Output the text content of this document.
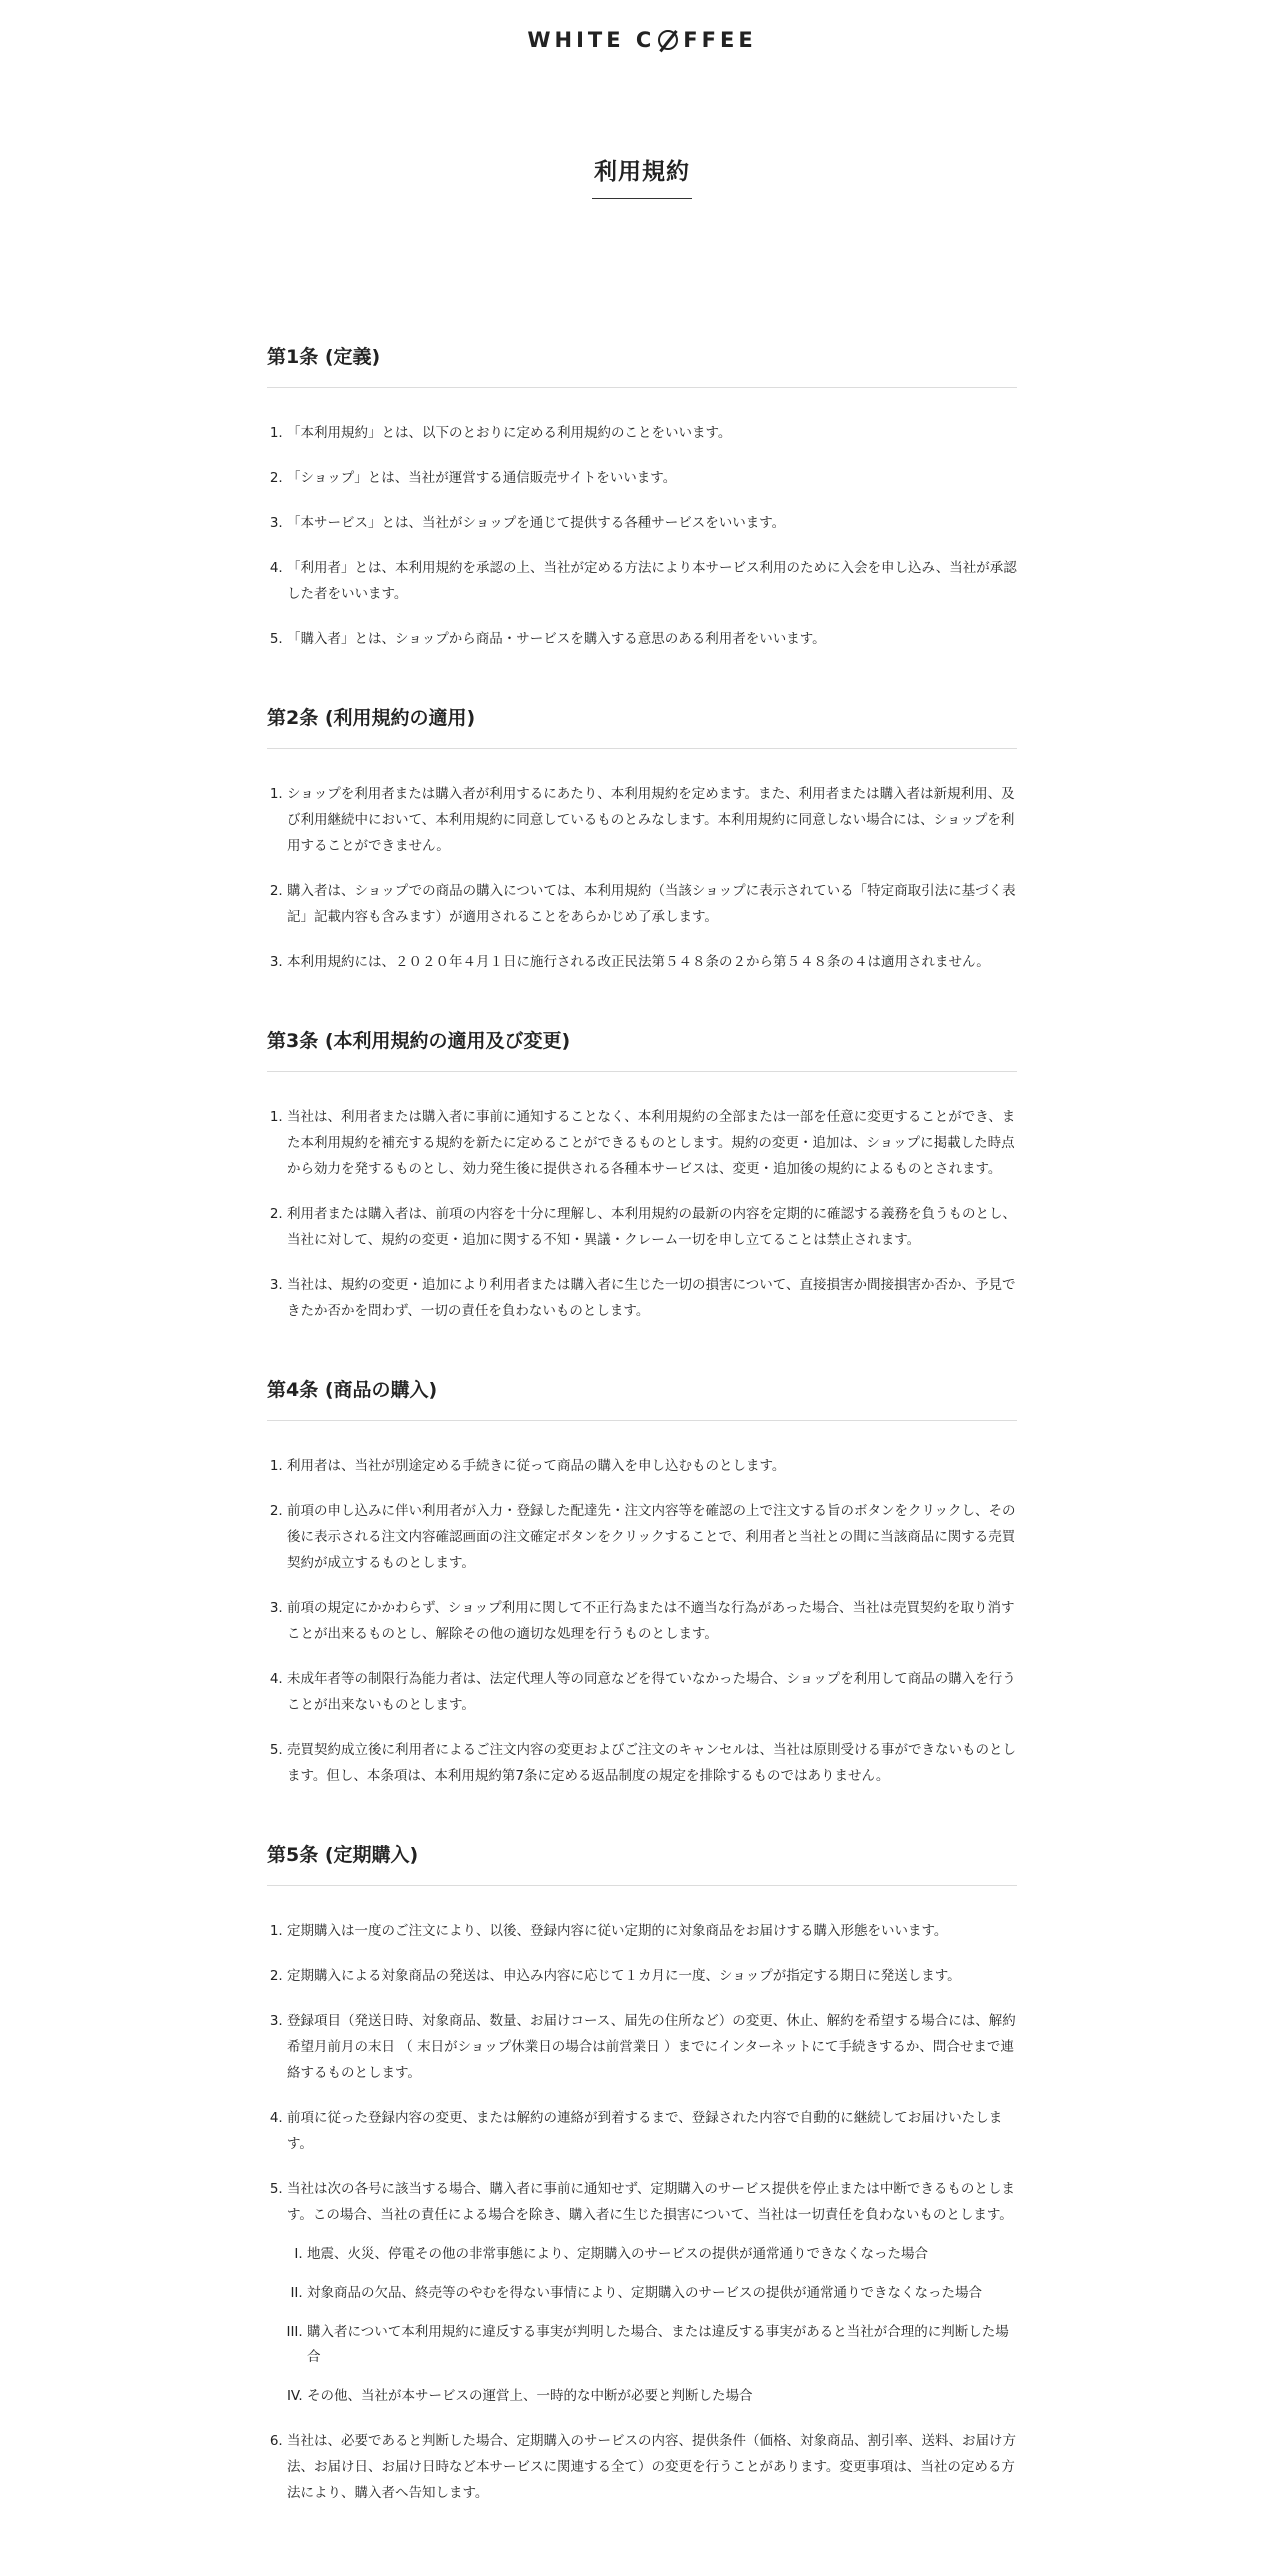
WHITE C FFEE
利用規約
第1条 (定義)
1. 「本利用規約」とは、以下のとおりに定める利用規約のことをいいます。
2. 「ショップ」とは、当社が運営する通信販売サイトをいいます。
3. 「本サービス」とは、当社がショップを通じて提供する各種サービスをいいます。
4. 「利用者」とは、本利用規約を承認の上、当社が定める方法により本サービス利用のために入会を申し込み、当社が承認した者をいいます。
5. 「購入者」とは、ショップから商品・サービスを購入する意思のある利用者をいいます。
第2条 (利用規約の適用)
1. ショップを利用者または購入者が利用するにあたり、本利用規約を定めます。また、利用者または購入者は新規利用、及び利用継続中において、本利用規約に同意しているものとみなします。本利用規約に同意しない場合には、ショップを利用することができません。
2. 購入者は、ショップでの商品の購入については、本利用規約（当該ショップに表示されている「特定商取引法に基づく表記」記載内容も含みます）が適用されることをあらかじめ了承します。
3. 本利用規約には、２０２０年４月１日に施行される改正民法第５４８条の２から第５４８条の４は適用されません。
第3条 (本利用規約の適用及び変更)
1. 当社は、利用者または購入者に事前に通知することなく、本利用規約の全部または一部を任意に変更することができ、また本利用規約を補充する規約を新たに定めることができるものとします。規約の変更・追加は、ショップに掲載した時点から効力を発するものとし、効力発生後に提供される各種本サービスは、変更・追加後の規約によるものとされます。
2. 利用者または購入者は、前項の内容を十分に理解し、本利用規約の最新の内容を定期的に確認する義務を負うものとし、当社に対して、規約の変更・追加に関する不知・異議・クレーム一切を申し立てることは禁止されます。
3. 当社は、規約の変更・追加により利用者または購入者に生じた一切の損害について、直接損害か間接損害か否か、予見できたか否かを問わず、一切の責任を負わないものとします。
第4条 (商品の購入)
1. 利用者は、当社が別途定める手続きに従って商品の購入を申し込むものとします。
2. 前項の申し込みに伴い利用者が入力・登録した配達先・注文内容等を確認の上で注文する旨のボタンをクリックし、その後に表示される注文内容確認画面の注文確定ボタンをクリックすることで、利用者と当社との間に当該商品に関する売買契約が成立するものとします。
3. 前項の規定にかかわらず、ショップ利用に関して不正行為または不適当な行為があった場合、当社は売買契約を取り消すことが出来るものとし、解除その他の適切な処理を行うものとします。
4. 未成年者等の制限行為能力者は、法定代理人等の同意などを得ていなかった場合、ショップを利用して商品の購入を行うことが出来ないものとします。
5. 売買契約成立後に利用者によるご注文内容の変更およびご注文のキャンセルは、当社は原則受ける事ができないものとします。但し、本条項は、本利用規約第7条に定める返品制度の規定を排除するものではありません。
第5条 (定期購入)
1. 定期購入は一度のご注文により、以後、登録内容に従い定期的に対象商品をお届けする購入形態をいいます。
2. 定期購入による対象商品の発送は、申込み内容に応じて１カ月に一度、ショップが指定する期日に発送します。
3. 登録項目（発送日時、対象商品、数量、お届けコース、届先の住所など）の変更、休止、解約を希望する場合には、解約希望月前月の末日 （ 末日がショップ休業日の場合は前営業日 ）までにインターネットにて手続きするか、問合せまで連絡するものとします。
4. 前項に従った登録内容の変更、または解約の連絡が到着するまで、登録された内容で自動的に継続してお届けいたします。
5. 当社は次の各号に該当する場合、購入者に事前に通知せず、定期購入のサービス提供を停止または中断できるものとします。この場合、当社の責任による場合を除き、購入者に生じた損害について、当社は一切責任を負わないものとします。
I. 地震、火災、停電その他の非常事態により、定期購入のサービスの提供が通常通りできなくなった場合
II. 対象商品の欠品、終売等のやむを得ない事情により、定期購入のサービスの提供が通常通りできなくなった場合
III. 購入者について本利用規約に違反する事実が判明した場合、または違反する事実があると当社が合理的に判断した場合
IV. その他、当社が本サービスの運営上、一時的な中断が必要と判断した場合
6. 当社は、必要であると判断した場合、定期購入のサービスの内容、提供条件（価格、対象商品、割引率、送料、お届け方法、お届け日、お届け日時など本サービスに関連する全て）の変更を行うことがあります。変更事項は、当社の定める方法により、購入者へ告知します。
